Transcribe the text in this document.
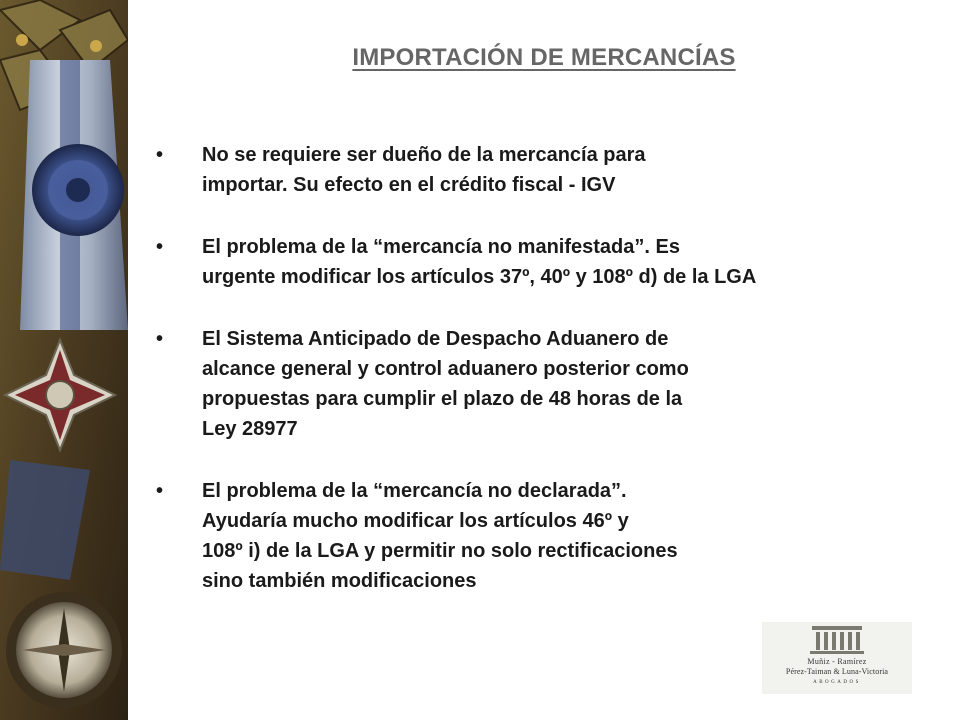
IMPORTACIÓN DE MERCANCÍAS
• No se requiere ser dueño de la mercancía para
importar. Su efecto en el crédito fiscal - IGV
• El problema de la “mercancía no manifestada”. Es
urgente modificar los artículos 37º, 40º y 108º d) de la LGA
• El Sistema Anticipado de Despacho Aduanero de
alcance general y control aduanero posterior como
propuestas para cumplir el plazo de 48 horas de la
Ley 28977
• El problema de la “mercancía no declarada”.
Ayudaría mucho modificar los artículos 46º y
108º i) de la LGA y permitir no solo rectificaciones
sino también modificaciones
Muñiz - Ramírez
Pérez-Taiman & Luna-Victoria
ABOGADOS
